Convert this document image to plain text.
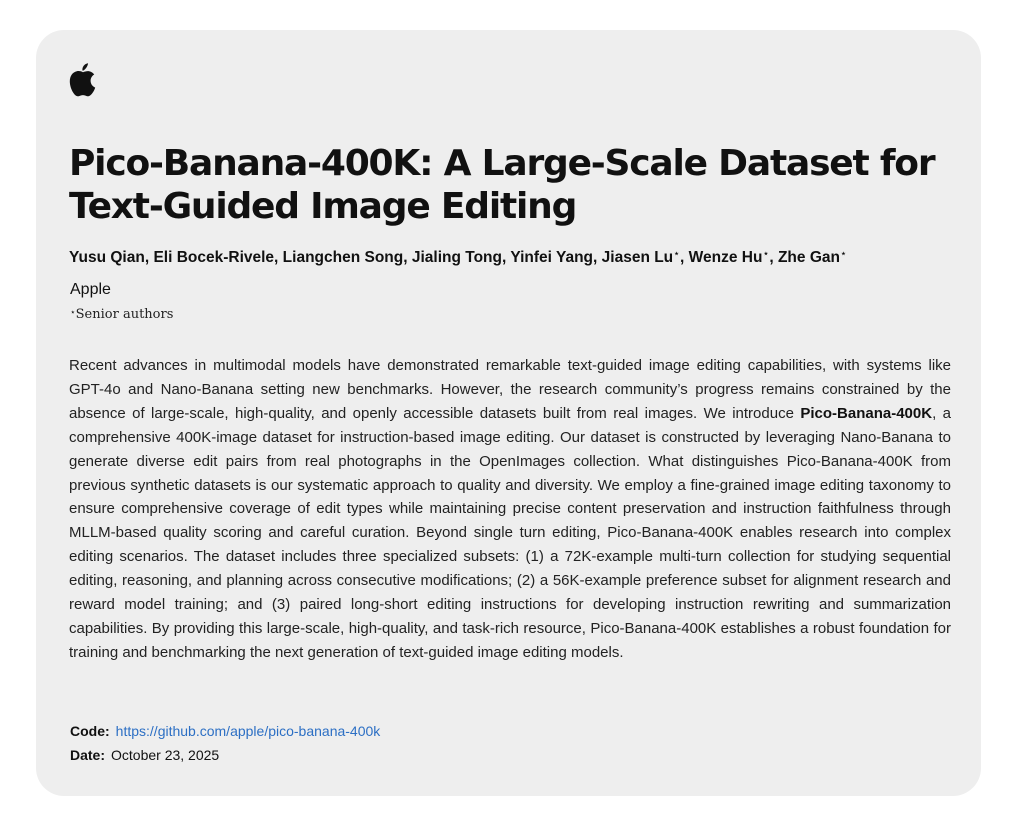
Pico-Banana-400K: A Large-Scale Dataset for Text-Guided Image Editing
Yusu Qian, Eli Bocek-Rivele, Liangchen Song, Jialing Tong, Yinfei Yang, Jiasen Lu⋆, Wenze Hu⋆, Zhe Gan⋆
Apple
⋆Senior authors

Recent advances in multimodal models have demonstrated remarkable text-guided image editing capabilities, with systems like GPT-4o and Nano-Banana setting new benchmarks. However, the research community’s progress remains constrained by the absence of large-scale, high-quality, and openly accessible datasets built from real images. We introduce Pico-Banana-400K, a comprehensive 400K-image dataset for instruction-based image editing. Our dataset is constructed by leveraging Nano-Banana to generate diverse edit pairs from real photographs in the OpenImages collection. What distinguishes Pico-Banana-400K from previous synthetic datasets is our systematic approach to quality and diversity. We employ a fine-grained image editing taxonomy to ensure comprehensive coverage of edit types while maintaining precise content preservation and instruction faithfulness through MLLM-based quality scoring and careful curation. Beyond single turn editing, Pico-Banana-400K enables research into complex editing scenarios. The dataset includes three specialized subsets: (1) a 72K-example multi-turn collection for studying sequential editing, reasoning, and planning across consecutive modifications; (2) a 56K-example preference subset for alignment research and reward model training; and (3) paired long-short editing instructions for developing instruction rewriting and summarization capabilities. By providing this large-scale, high-quality, and task-rich resource, Pico-Banana-400K establishes a robust foundation for training and benchmarking the next generation of text-guided image editing models.

Code: https://github.com/apple/pico-banana-400k
Date: October 23, 2025
